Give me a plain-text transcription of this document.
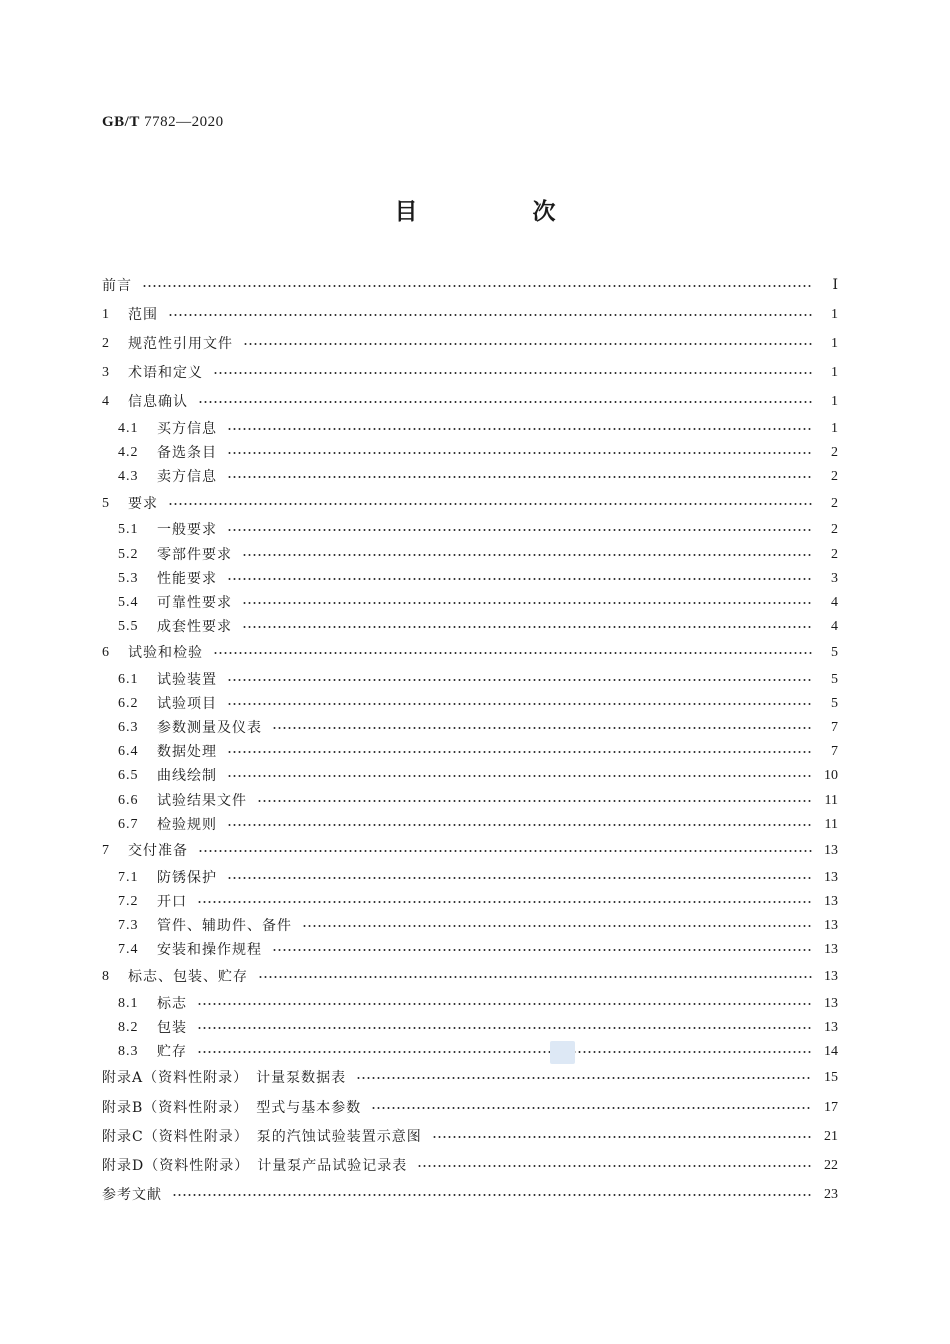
GB/T 7782—2020
目　次
前言	Ⅰ
1	范围	1
2	规范性引用文件	1
3	术语和定义	1
4	信息确认	1
4.1	买方信息	1
4.2	备选条目	2
4.3	卖方信息	2
5	要求	2
5.1	一般要求	2
5.2	零部件要求	2
5.3	性能要求	3
5.4	可靠性要求	4
5.5	成套性要求	4
6	试验和检验	5
6.1	试验装置	5
6.2	试验项目	5
6.3	参数测量及仪表	7
6.4	数据处理	7
6.5	曲线绘制	10
6.6	试验结果文件	11
6.7	检验规则	11
7	交付准备	13
7.1	防锈保护	13
7.2	开口	13
7.3	管件、辅助件、备件	13
7.4	安装和操作规程	13
8	标志、包装、贮存	13
8.1	标志	13
8.2	包装	13
8.3	贮存	14
附录A（资料性附录）　计量泵数据表	15
附录B（资料性附录）　型式与基本参数	17
附录C（资料性附录）　泵的汽蚀试验装置示意图	21
附录D（资料性附录）　计量泵产品试验记录表	22
参考文献	23
